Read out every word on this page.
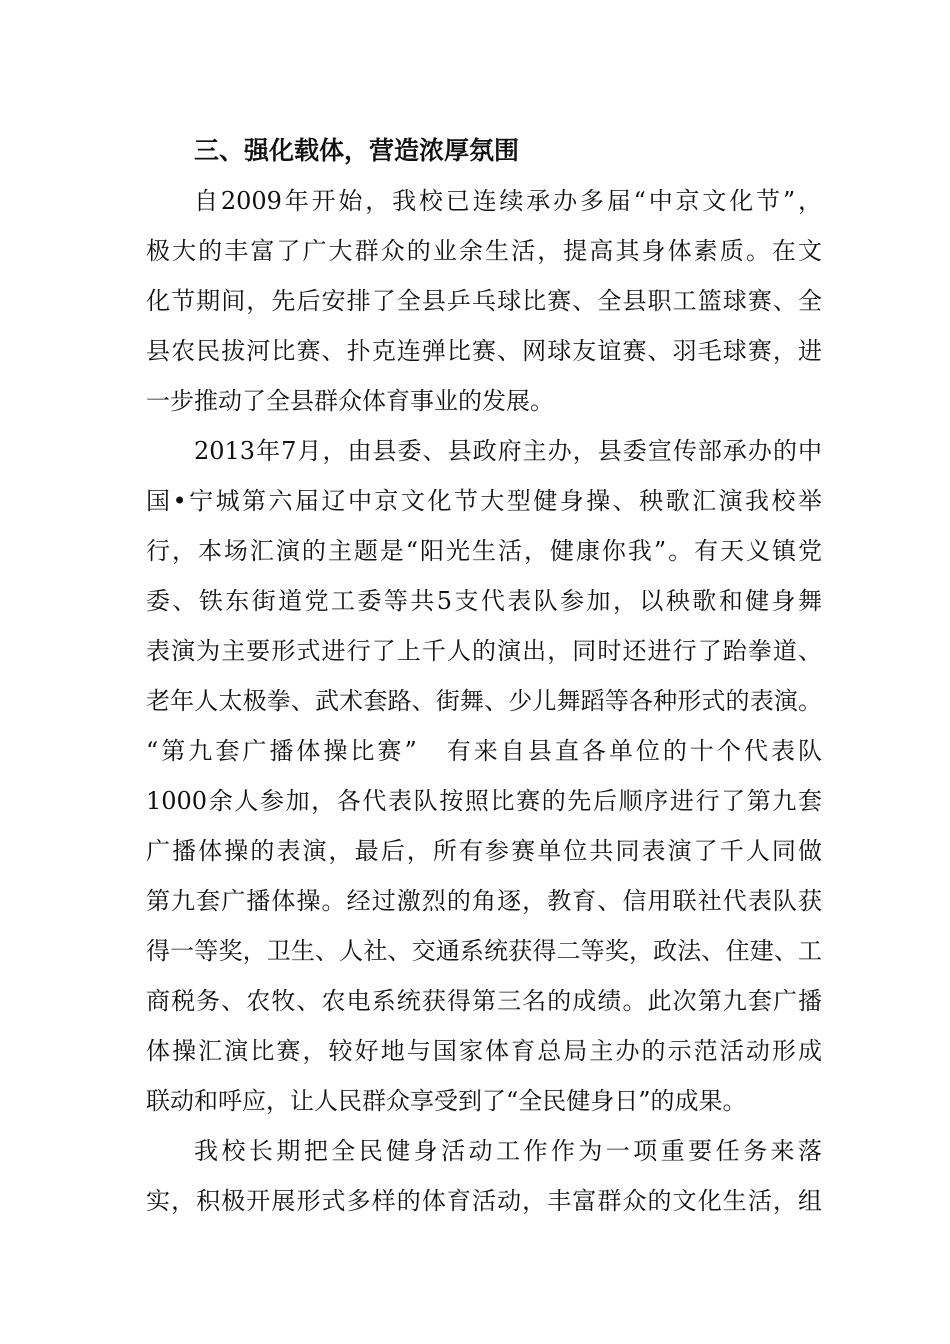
三、强化载体，营造浓厚氛围
自2009年开始，我校已连续承办多届“中京文化节”，
极大的丰富了广大群众的业余生活，提高其身体素质。在文
化节期间，先后安排了全县乒乓球比赛、全县职工篮球赛、全
县农民拔河比赛、扑克连弹比赛、网球友谊赛、羽毛球赛，进
一步推动了全县群众体育事业的发展。
2013年7月，由县委、县政府主办，县委宣传部承办的中
国•宁城第六届辽中京文化节大型健身操、秧歌汇演我校举
行，本场汇演的主题是“阳光生活，健康你我”。有天义镇党
委、铁东街道党工委等共5支代表队参加，以秧歌和健身舞
表演为主要形式进行了上千人的演出，同时还进行了跆拳道、
老年人太极拳、武术套路、街舞、少儿舞蹈等各种形式的表演。
“第九套广播体操比赛”　有来自县直各单位的十个代表队
1000余人参加，各代表队按照比赛的先后顺序进行了第九套
广播体操的表演，最后，所有参赛单位共同表演了千人同做
第九套广播体操。经过激烈的角逐，教育、信用联社代表队获
得一等奖，卫生、人社、交通系统获得二等奖，政法、住建、工
商税务、农牧、农电系统获得第三名的成绩。此次第九套广播
体操汇演比赛，较好地与国家体育总局主办的示范活动形成
联动和呼应，让人民群众享受到了“全民健身日”的成果。
我校长期把全民健身活动工作作为一项重要任务来落
实，积极开展形式多样的体育活动，丰富群众的文化生活，组
